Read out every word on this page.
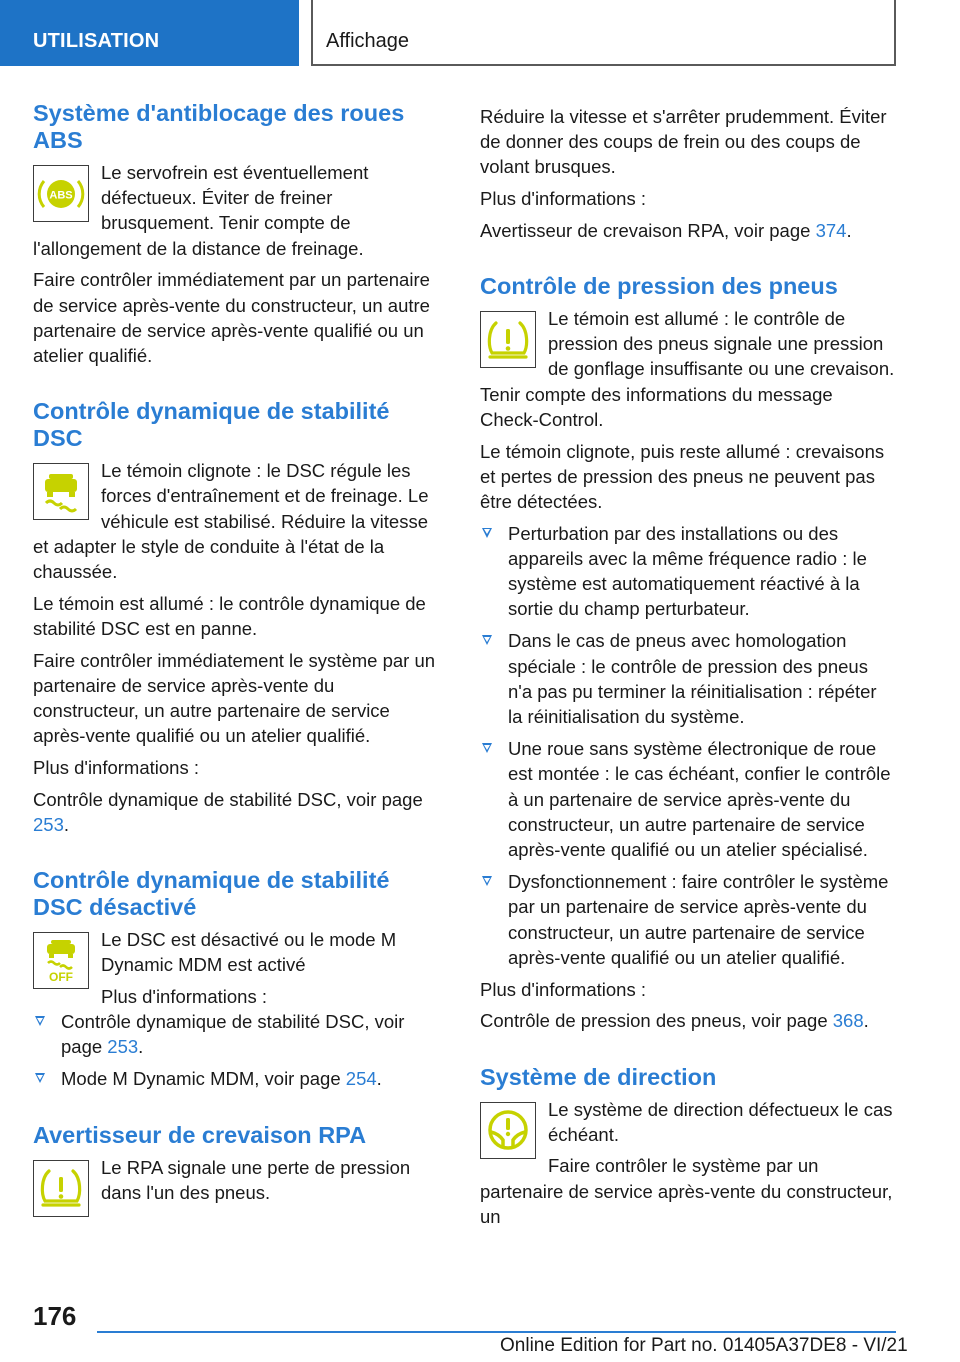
UTILISATION	Affichage
Système d'antiblocage des roues ABS
ABS

Le servofrein est éventuellement défectueux. Éviter de freiner brusquement. Tenir compte de l'allongement de la distance de freinage.

Faire contrôler immédiatement par un partenaire de service après-vente du constructeur, un autre partenaire de service après-vente qualifié ou un atelier qualifié.

Contrôle dynamique de stabilité DSC

Le témoin clignote : le DSC régule les forces d'entraînement et de freinage. Le véhicule est stabilisé. Réduire la vitesse et adapter le style de conduite à l'état de la chaussée.

Le témoin est allumé : le contrôle dynamique de stabilité DSC est en panne.

Faire contrôler immédiatement le système par un partenaire de service après-vente du constructeur, un autre partenaire de service après-vente qualifié ou un atelier qualifié.

Plus d'informations :

Contrôle dynamique de stabilité DSC, voir page 253.

Contrôle dynamique de stabilité DSC désactivé
OFF

Le DSC est désactivé ou le mode M Dynamic MDM est activé

Plus d'informations :

Contrôle dynamique de stabilité DSC, voir page 253.
Mode M Dynamic MDM, voir page 254.
Avertisseur de crevaison RPA

Le RPA signale une perte de pression dans l'un des pneus.

Réduire la vitesse et s'arrêter prudemment. Éviter de donner des coups de frein ou des coups de volant brusques.

Plus d'informations :

Avertisseur de crevaison RPA, voir page 374.

Contrôle de pression des pneus

Le témoin est allumé : le contrôle de pression des pneus signale une pression de gonflage insuffisante ou une crevaison. Tenir compte des informations du message Check-Control.

Le témoin clignote, puis reste allumé : crevaisons et pertes de pression des pneus ne peuvent pas être détectées.

Perturbation par des installations ou des appareils avec la même fréquence radio : le système est automatiquement réactivé à la sortie du champ perturbateur.
Dans le cas de pneus avec homologation spéciale : le contrôle de pression des pneus n'a pas pu terminer la réinitialisation : répéter la réinitialisation du système.
Une roue sans système électronique de roue est montée : le cas échéant, confier le contrôle à un partenaire de service après-vente du constructeur, un autre partenaire de service après-vente qualifié ou un atelier spécialisé.
Dysfonctionnement : faire contrôler le système par un partenaire de service après-vente du constructeur, un autre partenaire de service après-vente qualifié ou un atelier qualifié.

Plus d'informations :

Contrôle de pression des pneus, voir page 368.

Système de direction

Le système de direction défectueux le cas échéant.

Faire contrôler le système par un partenaire de service après-vente du constructeur, un

176
Online Edition for Part no. 01405A37DE8 - VI/21
